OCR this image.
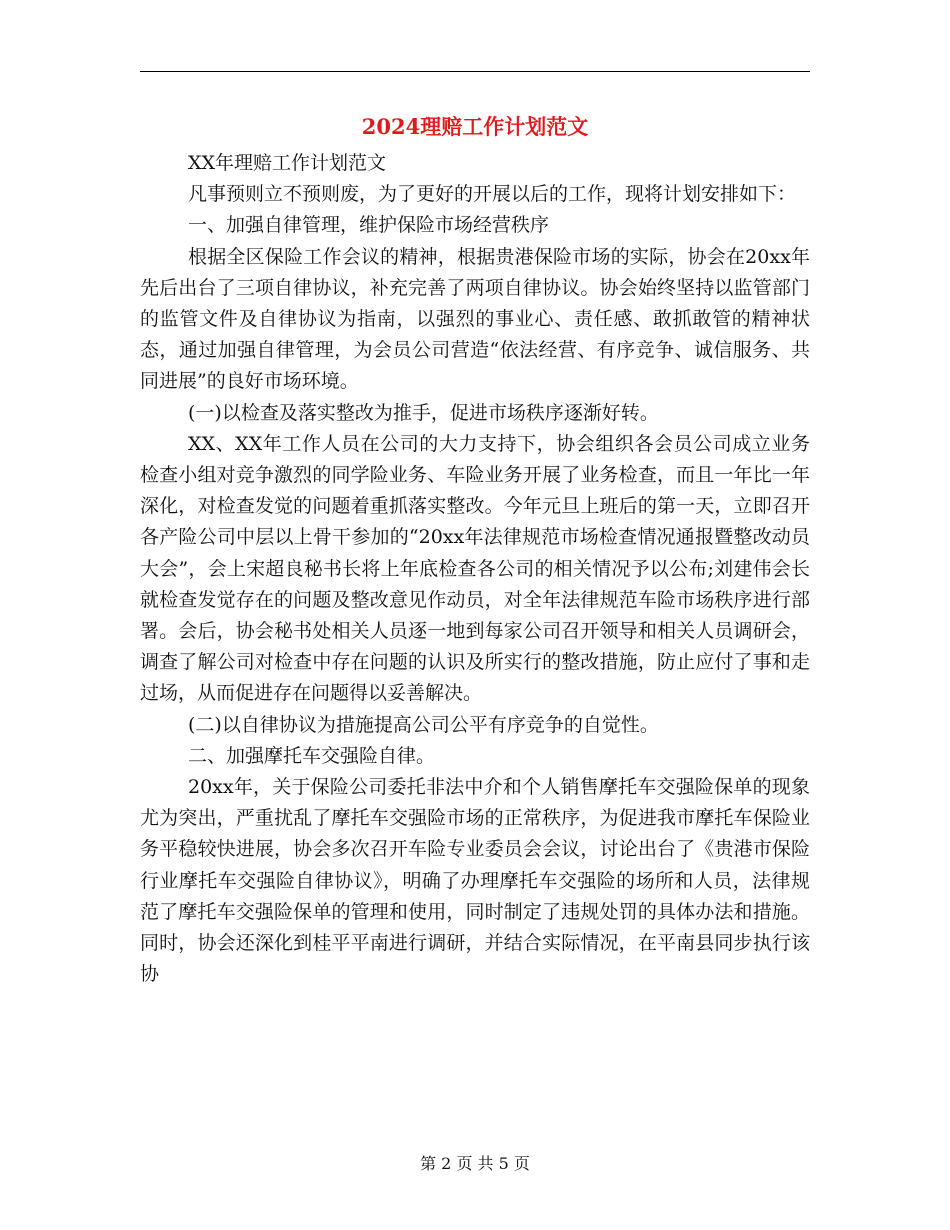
2024理赔工作计划范文

XX年理赔工作计划范文

凡事预则立不预则废，为了更好的开展以后的工作，现将计划安排如下：

一、加强自律管理，维护保险市场经营秩序

根据全区保险工作会议的精神，根据贵港保险市场的实际，协会在20xx年先后出台了三项自律协议，补充完善了两项自律协议。协会始终坚持以监管部门的监管文件及自律协议为指南，以强烈的事业心、责任感、敢抓敢管的精神状态，通过加强自律管理，为会员公司营造“依法经营、有序竞争、诚信服务、共同进展”的良好市场环境。

(一)以检查及落实整改为推手，促进市场秩序逐渐好转。

XX、XX年工作人员在公司的大力支持下，协会组织各会员公司成立业务检查小组对竞争激烈的同学险业务、车险业务开展了业务检查，而且一年比一年深化，对检查发觉的问题着重抓落实整改。今年元旦上班后的第一天，立即召开各产险公司中层以上骨干参加的“20xx年法律规范市场检查情况通报暨整改动员大会”，会上宋超良秘书长将上年底检查各公司的相关情况予以公布;刘建伟会长就检查发觉存在的问题及整改意见作动员，对全年法律规范车险市场秩序进行部署。会后，协会秘书处相关人员逐一地到每家公司召开领导和相关人员调研会，调查了解公司对检查中存在问题的认识及所实行的整改措施，防止应付了事和走过场，从而促进存在问题得以妥善解决。

(二)以自律协议为措施提高公司公平有序竞争的自觉性。

二、加强摩托车交强险自律。

20xx年，关于保险公司委托非法中介和个人销售摩托车交强险保单的现象尤为突出，严重扰乱了摩托车交强险市场的正常秩序，为促进我市摩托车保险业务平稳较快进展，协会多次召开车险专业委员会会议，讨论出台了《贵港市保险行业摩托车交强险自律协议》，明确了办理摩托车交强险的场所和人员，法律规范了摩托车交强险保单的管理和使用，同时制定了违规处罚的具体办法和措施。同时，协会还深化到桂平平南进行调研，并结合实际情况，在平南县同步执行该协

第 2 页 共 5 页
